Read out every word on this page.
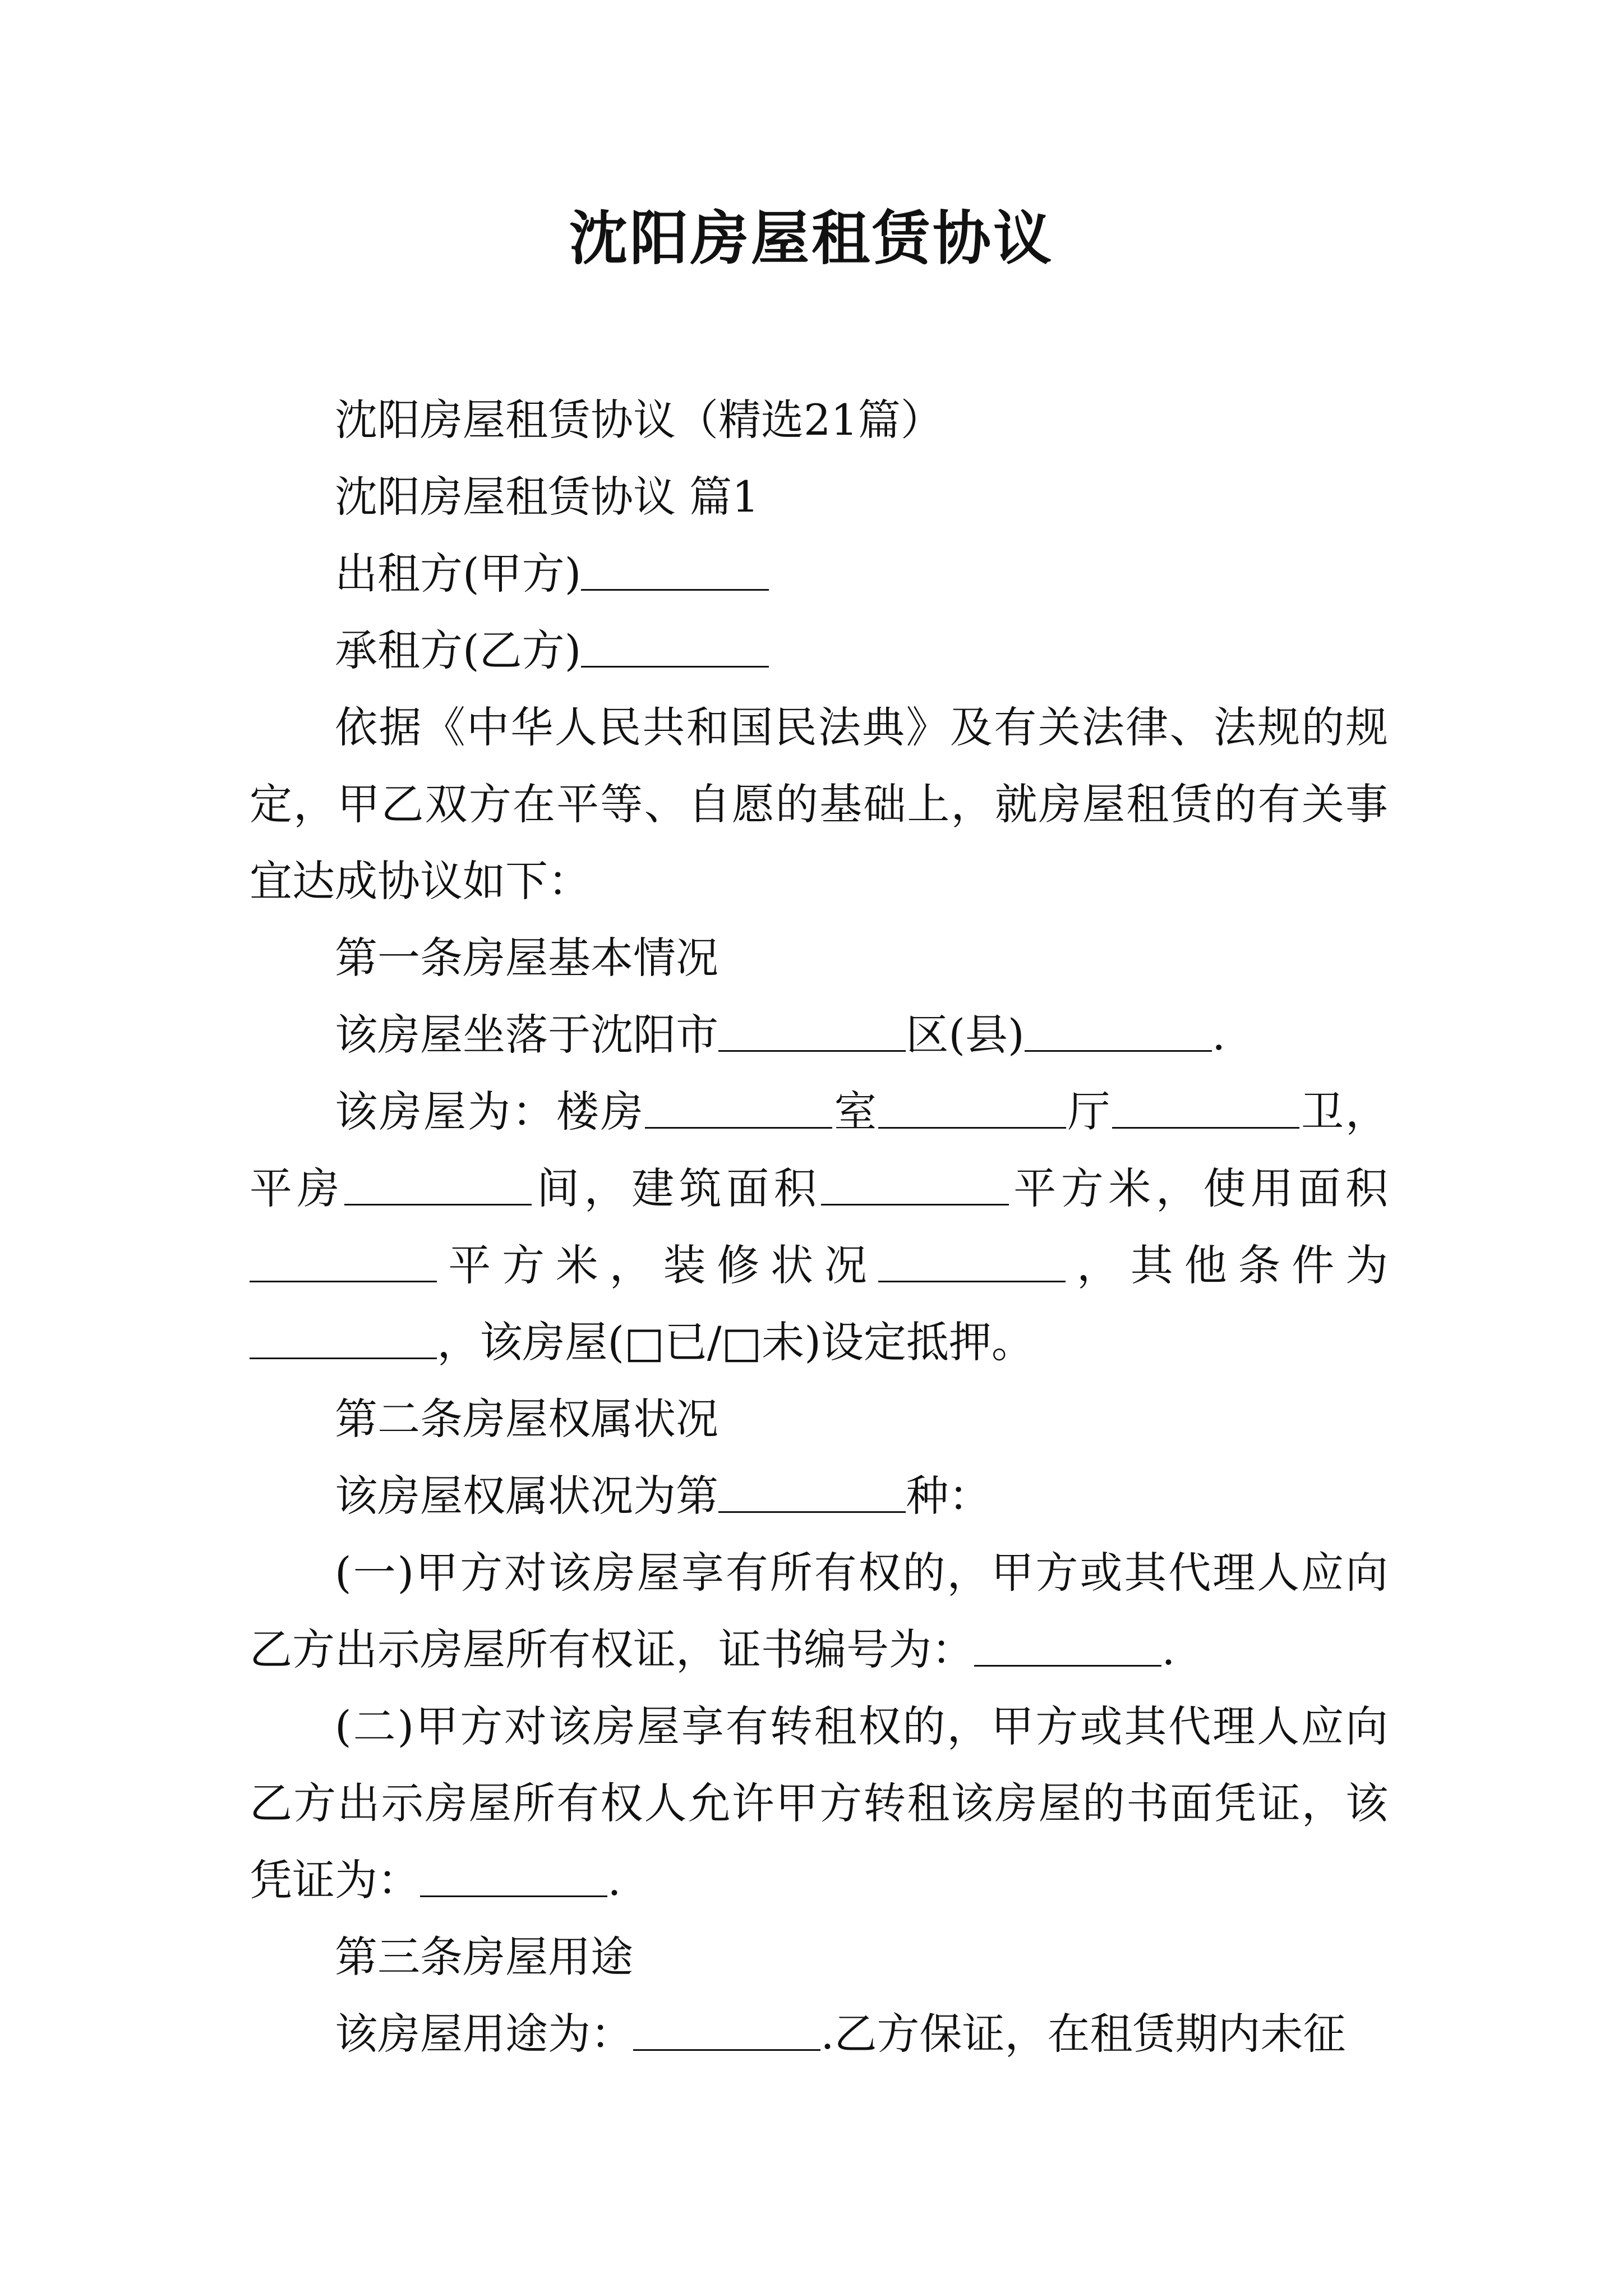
沈阳房屋租赁协议

沈阳房屋租赁协议（精选21篇）

沈阳房屋租赁协议 篇1

出租方(甲方)

承租方(乙方)

依据《中华人民共和国民法典》及有关法律、法规的规定，甲乙双方在平等、自愿的基础上，就房屋租赁的有关事宜达成协议如下：

第一条房屋基本情况

该房屋坐落于沈阳市	区(县)	.

该房屋为：楼房	室	厅	卫，平房	间，建筑面积	平方米，使用面积平方米，装修状况	，其他条件为，该房屋(□已/□未)设定抵押。

第二条房屋权属状况

该房屋权属状况为第	种：

(一)甲方对该房屋享有所有权的，甲方或其代理人应向乙方出示房屋所有权证，证书编号为：	.

(二)甲方对该房屋享有转租权的，甲方或其代理人应向乙方出示房屋所有权人允许甲方转租该房屋的书面凭证，该凭证为：	.

第三条房屋用途

该房屋用途为：	.乙方保证，在租赁期内未征
